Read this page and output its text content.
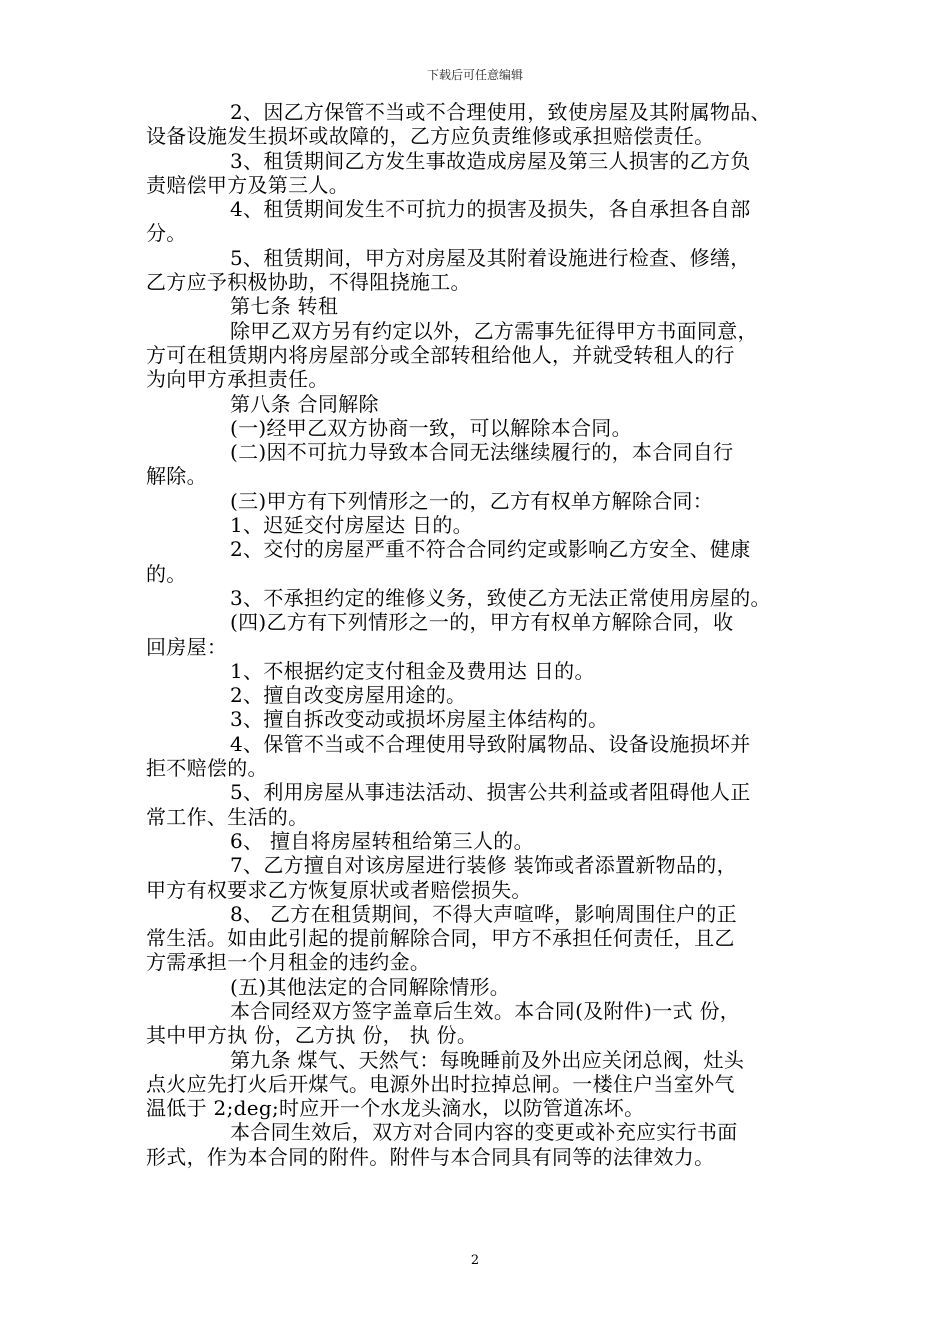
下载后可任意编辑
2、因乙方保管不当或不合理使用，致使房屋及其附属物品、
设备设施发生损坏或故障的，乙方应负责维修或承担赔偿责任。
3、租赁期间乙方发生事故造成房屋及第三人损害的乙方负
责赔偿甲方及第三人。
4、租赁期间发生不可抗力的损害及损失，各自承担各自部
分。
5、租赁期间，甲方对房屋及其附着设施进行检查、修缮，
乙方应予积极协助，不得阻挠施工。
第七条 转租
除甲乙双方另有约定以外，乙方需事先征得甲方书面同意，
方可在租赁期内将房屋部分或全部转租给他人，并就受转租人的行
为向甲方承担责任。
第八条 合同解除
(一)经甲乙双方协商一致，可以解除本合同。
(二)因不可抗力导致本合同无法继续履行的，本合同自行
解除。
(三)甲方有下列情形之一的，乙方有权单方解除合同：
1、迟延交付房屋达 日的。
2、交付的房屋严重不符合合同约定或影响乙方安全、健康
的。
3、不承担约定的维修义务，致使乙方无法正常使用房屋的。
(四)乙方有下列情形之一的，甲方有权单方解除合同，收
回房屋：
1、不根据约定支付租金及费用达 日的。
2、擅自改变房屋用途的。
3、擅自拆改变动或损坏房屋主体结构的。
4、保管不当或不合理使用导致附属物品、设备设施损坏并
拒不赔偿的。
5、利用房屋从事违法活动、损害公共利益或者阻碍他人正
常工作、生活的。
6、 擅自将房屋转租给第三人的。
7、乙方擅自对该房屋进行装修 装饰或者添置新物品的，
甲方有权要求乙方恢复原状或者赔偿损失。
8、 乙方在租赁期间，不得大声喧哗，影响周围住户的正
常生活。如由此引起的提前解除合同，甲方不承担任何责任，且乙
方需承担一个月租金的违约金。
(五)其他法定的合同解除情形。
本合同经双方签字盖章后生效。本合同(及附件)一式 份，
其中甲方执 份，乙方执 份， 执 份。
第九条 煤气、天然气：每晚睡前及外出应关闭总阀，灶头
点火应先打火后开煤气。电源外出时拉掉总闸。一楼住户当室外气
温低于 2;deg;时应开一个水龙头滴水，以防管道冻坏。
本合同生效后，双方对合同内容的变更或补充应实行书面
形式，作为本合同的附件。附件与本合同具有同等的法律效力。
2
